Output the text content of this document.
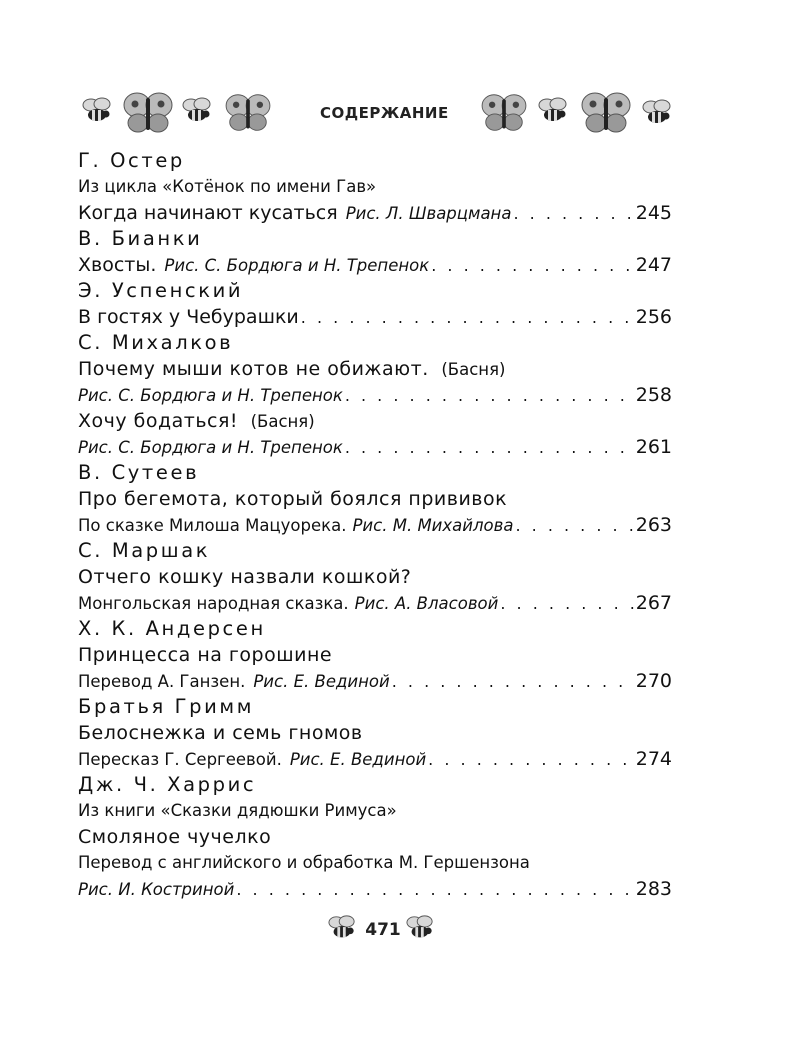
СОДЕРЖАНИЕ
Г. Остер
Из цикла «Котёнок по имени Гав»
Когда начинают кусаться Рис. Л. Шварцмана . . .	245
В. Бианки
Хвосты. Рис. С. Бордюга и Н. Трепенок . . .	247
Э. Успенский
В гостях у Чебурашки . . .	256
С. Михалков
Почему мыши котов не обижают. (Басня)
Рис. С. Бордюга и Н. Трепенок . . .	258
Хочу бодаться! (Басня)
Рис. С. Бордюга и Н. Трепенок . . .	261
В. Сутеев
Про бегемота, который боялся прививок
По сказке Милоша Мацуорека. Рис. М. Михайлова . . .	263
С. Маршак
Отчего кошку назвали кошкой?
Монгольская народная сказка. Рис. А. Власовой . . .	267
Х. К. Андерсен
Принцесса на горошине
Перевод А. Ганзен. Рис. Е. Вединой . . .	270
Братья Гримм
Белоснежка и семь гномов
Пересказ Г. Сергеевой. Рис. Е. Вединой . . .	274
Дж. Ч. Харрис
Из книги «Сказки дядюшки Римуса»
Смоляное чучелко
Перевод с английского и обработка М. Гершензона
Рис. И. Костриной . . .	283
471
